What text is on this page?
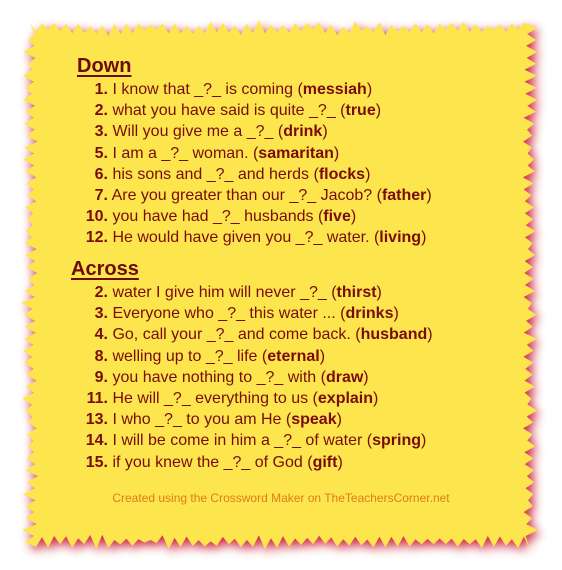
Down
1. I know that _?_ is coming (messiah)
2. what you have said is quite _?_ (true)
3. Will you give me a _?_ (drink)
5. I am a _?_ woman. (samaritan)
6. his sons and _?_ and herds (flocks)
7. Are you greater than our _?_ Jacob? (father)
10. you have had _?_ husbands (five)
12. He would have given you _?_ water. (living)
Across
2. water I give him will never _?_ (thirst)
3. Everyone who _?_ this water ... (drinks)
4. Go, call your _?_ and come back. (husband)
8. welling up to _?_ life (eternal)
9. you have nothing to _?_ with (draw)
11. He will _?_ everything to us (explain)
13. I who _?_ to you am He (speak)
14. I will be come in him a _?_ of water (spring)
15. if you knew the _?_ of God (gift)
Created using the Crossword Maker on TheTeachersCorner.net
